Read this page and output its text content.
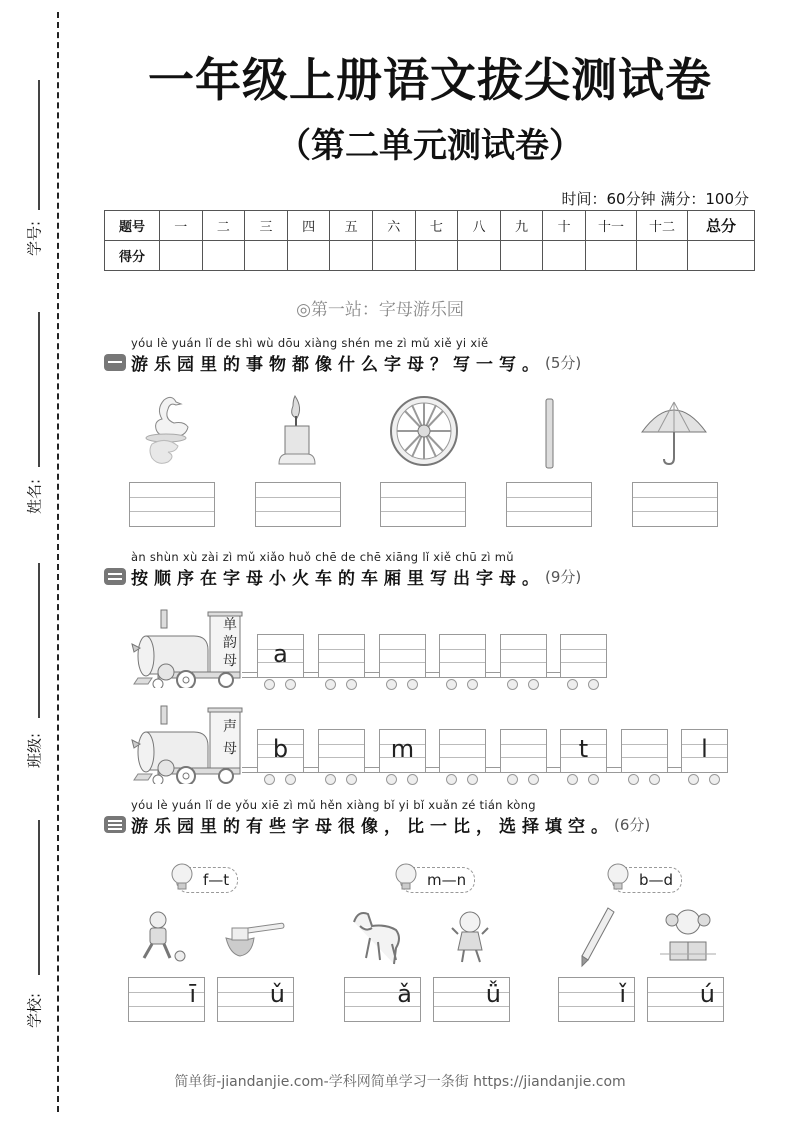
学号:
姓名:
班级:
学校:
一年级上册语文拔尖测试卷
（第二单元测试卷）
时间：60分钟 满分：100分
题号	一	二	三	四	五	六	七	八	九	十	十一	十二	总分
得分													
◎第一站：字母游乐园
yóu lè yuán lǐ de shì wù dōu xiàng shén me zì mǔ xiě yi xiě
游乐园里的事物都像什么字母？写一写。(5分)
àn shùn xù zài zì mǔ xiǎo huǒ chē de chē xiāng lǐ xiě chū zì mǔ
按顺序在字母小火车的车厢里写出字母。(9分)
单
韵
母	a
声
母	b	m	t	l
yóu lè yuán lǐ de yǒu xiē zì mǔ hěn xiàng bǐ yi bǐ xuǎn zé tián kòng
游乐园里的有些字母很像，比一比，选择填空。(6分)
f—t	m—n	b—d
ī	ǔ	ǎ	ǚ	ǐ	ú
简单街-jiandanjie.com-学科网简单学习一条街 https://jiandanjie.com
